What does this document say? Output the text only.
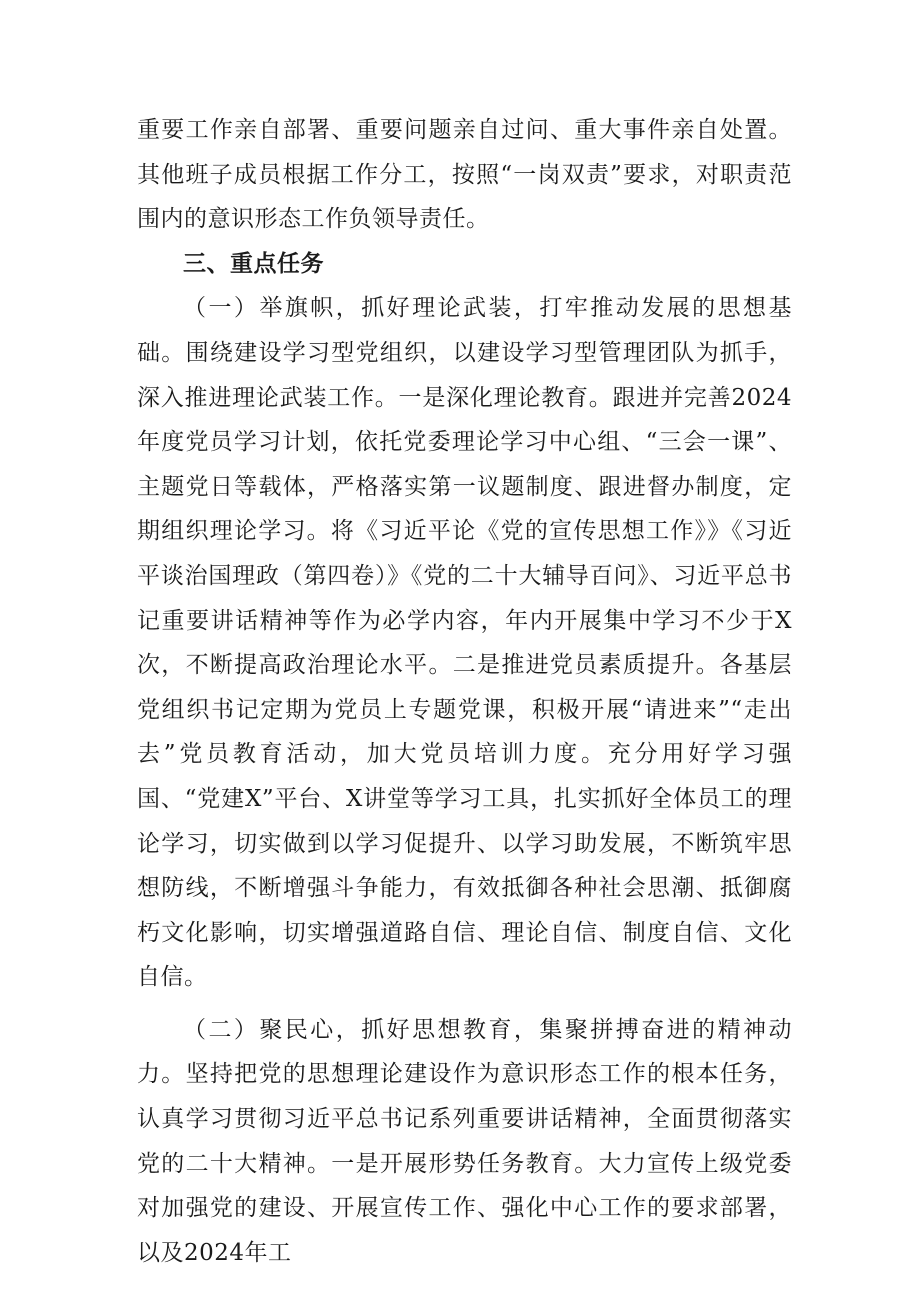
重要工作亲自部署、重要问题亲自过问、重大事件亲自处置。其他班子成员根据工作分工，按照“一岗双责”要求，对职责范围内的意识形态工作负领导责任。

三、重点任务

（一）举旗帜，抓好理论武装，打牢推动发展的思想基础。围绕建设学习型党组织，以建设学习型管理团队为抓手，深入推进理论武装工作。一是深化理论教育。跟进并完善2024年度党员学习计划，依托党委理论学习中心组、“三会一课”、主题党日等载体，严格落实第一议题制度、跟进督办制度，定期组织理论学习。将《习近平论《党的宣传思想工作》》《习近平谈治国理政（第四卷）》《党的二十大辅导百问》、习近平总书记重要讲话精神等作为必学内容，年内开展集中学习不少于X次，不断提高政治理论水平。二是推进党员素质提升。各基层党组织书记定期为党员上专题党课，积极开展“请进来”“走出去”党员教育活动，加大党员培训力度。充分用好学习强国、“党建X”平台、X讲堂等学习工具，扎实抓好全体员工的理论学习，切实做到以学习促提升、以学习助发展，不断筑牢思想防线，不断增强斗争能力，有效抵御各种社会思潮、抵御腐朽文化影响，切实增强道路自信、理论自信、制度自信、文化自信。

（二）聚民心，抓好思想教育，集聚拼搏奋进的精神动力。坚持把党的思想理论建设作为意识形态工作的根本任务，认真学习贯彻习近平总书记系列重要讲话精神，全面贯彻落实党的二十大精神。一是开展形势任务教育。大力宣传上级党委对加强党的建设、开展宣传工作、强化中心工作的要求部署，以及2024年工
